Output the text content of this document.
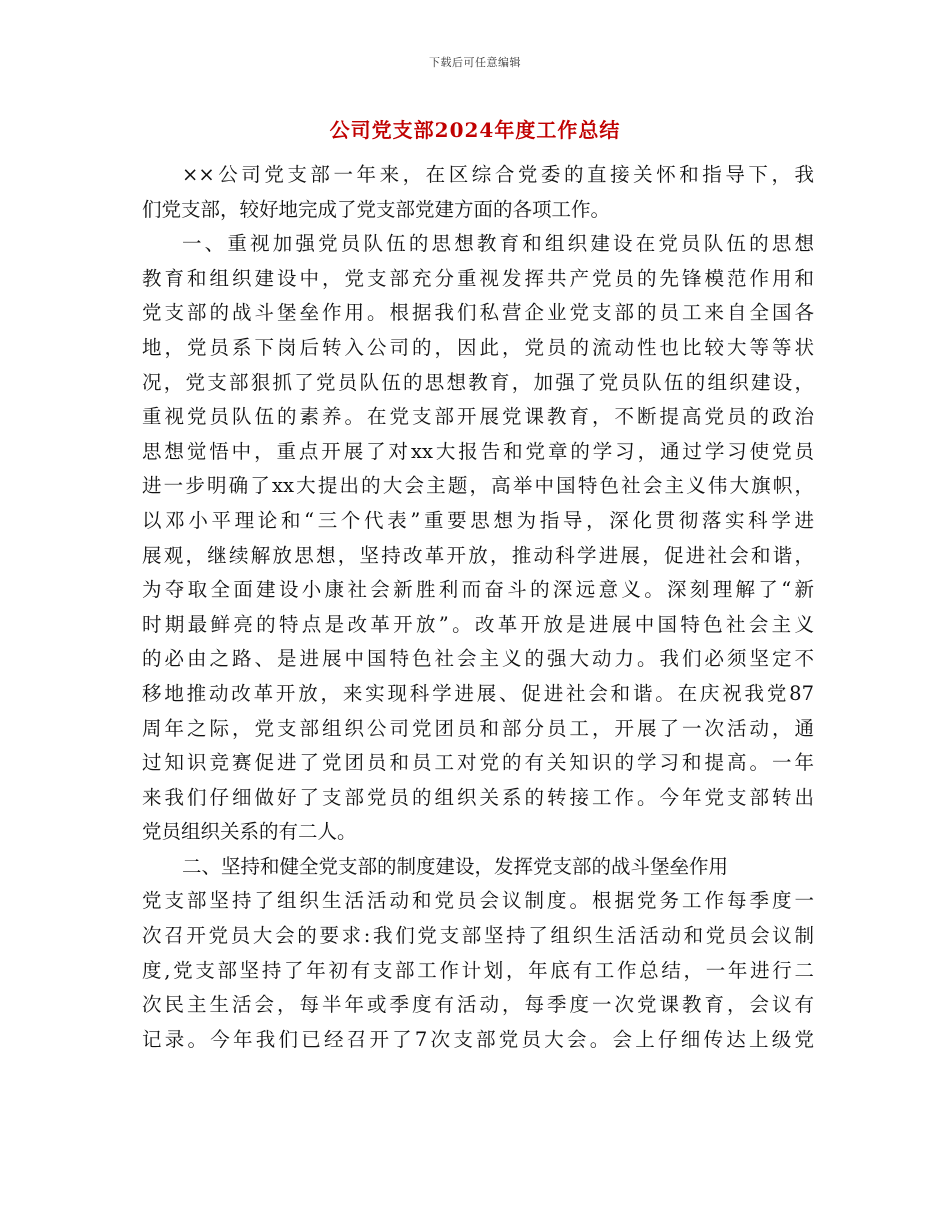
下载后可任意编辑
公司党支部2024年度工作总结
××公司党支部一年来，在区综合党委的直接关怀和指导下，我
们党支部，较好地完成了党支部党建方面的各项工作。
一、重视加强党员队伍的思想教育和组织建设在党员队伍的思想
教育和组织建设中，党支部充分重视发挥共产党员的先锋模范作用和
党支部的战斗堡垒作用。根据我们私营企业党支部的员工来自全国各
地，党员系下岗后转入公司的，因此，党员的流动性也比较大等等状
况，党支部狠抓了党员队伍的思想教育，加强了党员队伍的组织建设，
重视党员队伍的素养。在党支部开展党课教育，不断提高党员的政治
思想觉悟中，重点开展了对xx大报告和党章的学习，通过学习使党员
进一步明确了xx大提出的大会主题，高举中国特色社会主义伟大旗帜，
以邓小平理论和“三个代表”重要思想为指导，深化贯彻落实科学进
展观，继续解放思想，坚持改革开放，推动科学进展，促进社会和谐，
为夺取全面建设小康社会新胜利而奋斗的深远意义。深刻理解了“新
时期最鲜亮的特点是改革开放”。改革开放是进展中国特色社会主义
的必由之路、是进展中国特色社会主义的强大动力。我们必须坚定不
移地推动改革开放，来实现科学进展、促进社会和谐。在庆祝我党87
周年之际，党支部组织公司党团员和部分员工，开展了一次活动，通
过知识竞赛促进了党团员和员工对党的有关知识的学习和提高。一年
来我们仔细做好了支部党员的组织关系的转接工作。今年党支部转出
党员组织关系的有二人。
二、坚持和健全党支部的制度建设，发挥党支部的战斗堡垒作用
党支部坚持了组织生活活动和党员会议制度。根据党务工作每季度一
次召开党员大会的要求:我们党支部坚持了组织生活活动和党员会议制
度,党支部坚持了年初有支部工作计划，年底有工作总结，一年进行二
次民主生活会，每半年或季度有活动，每季度一次党课教育，会议有
记录。今年我们已经召开了7次支部党员大会。会上仔细传达上级党
